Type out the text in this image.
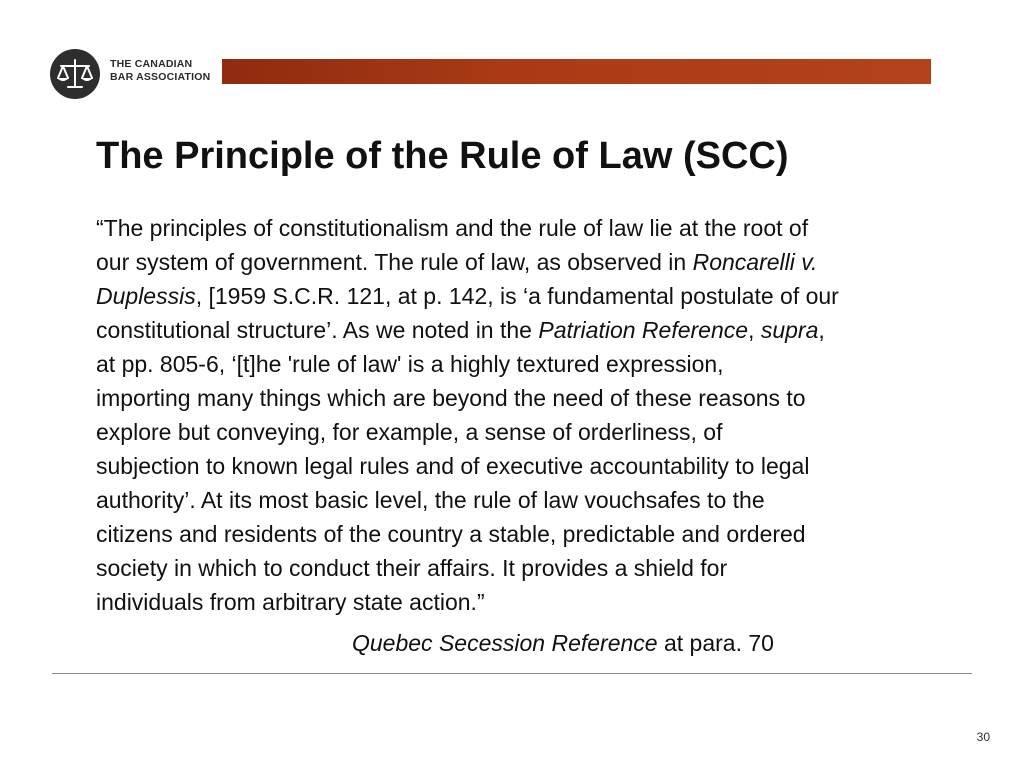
THE CANADIAN
BAR ASSOCIATION
The Principle of the Rule of Law (SCC)
“The principles of constitutionalism and the rule of law lie at the root of
our system of government. The rule of law, as observed in Roncarelli v.
Duplessis, [1959 S.C.R. 121, at p. 142, is ‘a fundamental postulate of our
constitutional structure’. As we noted in the Patriation Reference, supra,
at pp. 805-6, ‘[t]he 'rule of law' is a highly textured expression,
importing many things which are beyond the need of these reasons to
explore but conveying, for example, a sense of orderliness, of
subjection to known legal rules and of executive accountability to legal
authority’. At its most basic level, the rule of law vouchsafes to the
citizens and residents of the country a stable, predictable and ordered
society in which to conduct their affairs. It provides a shield for
individuals from arbitrary state action.”
Quebec Secession Reference at para. 70
30
